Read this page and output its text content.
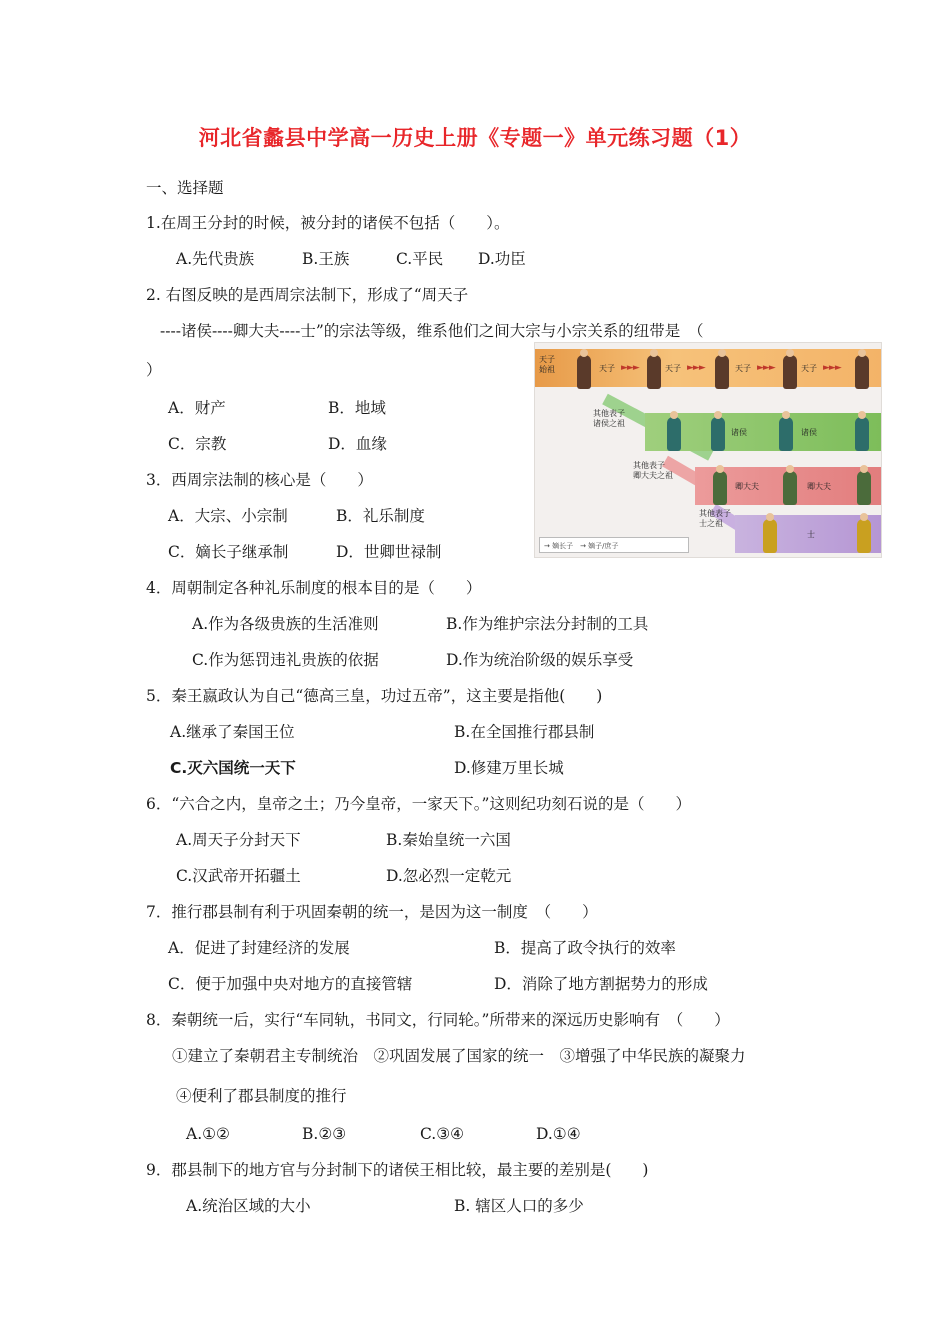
河北省蠡县中学高一历史上册《专题一》单元练习题（1）
一、选择题
1.在周王分封的时候，被分封的诸侯不包括（　　）。
A.先代贵族	B.王族	C.平民 D.功臣
2. 右图反映的是西周宗法制下，形成了“周天子
----诸侯----卿大夫----士”的宗法等级，维系他们之间大宗与小宗关系的纽带是　（
）
A．财产	B．地域
C．宗教	D．血缘
3．西周宗法制的核心是（　　）
A．大宗、小宗制	B．礼乐制度
C．嫡长子继承制	D．世卿世禄制
4．周朝制定各种礼乐制度的根本目的是（　　）
A.作为各级贵族的生活准则	B.作为维护宗法分封制的工具
C.作为惩罚违礼贵族的依据	D.作为统治阶级的娱乐享受
5．秦王嬴政认为自己“德高三皇，功过五帝”，这主要是指他(　　)
A.继承了秦国王位	B.在全国推行郡县制
C.灭六国统一天下	D.修建万里长城
6．“六合之内，皇帝之土；乃今皇帝，一家天下。”这则纪功刻石说的是（　　）
A.周天子分封天下	B.秦始皇统一六国
C.汉武帝开拓疆土	D.忽必烈一定乾元
7．推行郡县制有利于巩固秦朝的统一，是因为这一制度　（　　）
A．促进了封建经济的发展	B．提高了政令执行的效率
C．便于加强中央对地方的直接管辖	D．消除了地方割据势力的形成
8．秦朝统一后，实行“车同轨，书同文，行同轮。”所带来的深远历史影响有　（　　）
①建立了秦朝君主专制统治　②巩固发展了国家的统一　③增强了中华民族的凝聚力
④便利了郡县制度的推行
A.①②	B.②③	C.③④	D.①④
9．郡县制下的地方官与分封制下的诸侯王相比较，最主要的差别是(　　)
A.统治区域的大小	B. 辖区人口的多少
天子
始祖	天子	天子	天子	天子
►►►	►►►	►►►	►►►
其他表子
诸侯之祖
诸侯	诸侯
其他表子
卿大夫之祖
卿大夫	卿大夫
其他表子
士之祖
士
→ 嫡长子　→ 嫡子/庶子
